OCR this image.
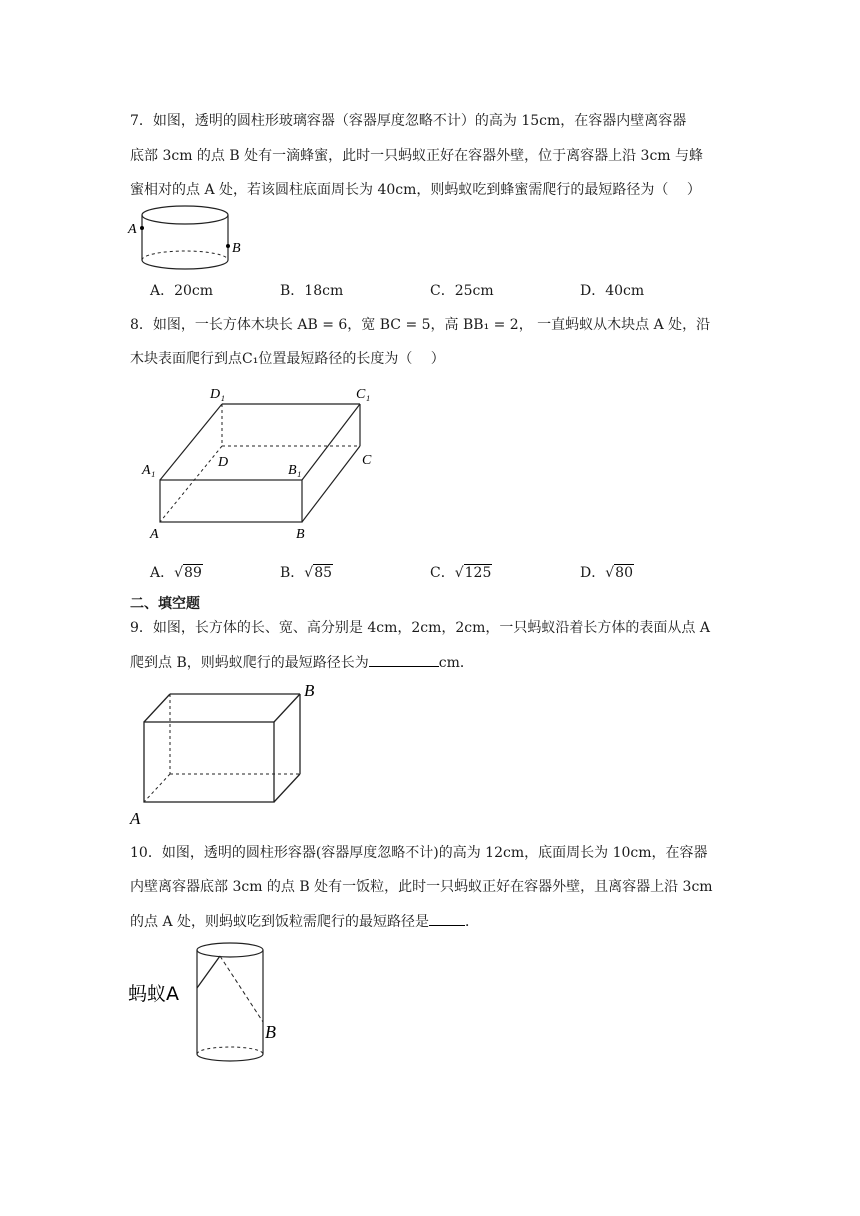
7．如图，透明的圆柱形玻璃容器（容器厚度忽略不计）的高为 15cm，在容器内壁离容器
底部 3cm 的点 B 处有一滴蜂蜜，此时一只蚂蚁正好在容器外壁，位于离容器上沿 3cm 与蜂
蜜相对的点 A 处，若该圆柱底面周长为 40cm，则蚂蚁吃到蜂蜜需爬行的最短路径为（　 ）
A
B
A．20cm	B．18cm	C．25cm	D．40cm
8．如图，一长方体木块长 AB = 6，宽 BC = 5，高 BB₁ = 2， 一直蚂蚁从木块点 A 处，沿
木块表面爬行到点C₁位置最短路径的长度为（　 ）
D₁	C₁
D	C
A₁	B₁
A	B
A．√89	B．√85	C．√125	D．√80
二、填空题
9．如图，长方体的长、宽、高分别是 4cm，2cm，2cm，一只蚂蚁沿着长方体的表面从点 A
爬到点 B，则蚂蚁爬行的最短路径长为	cm．
B
A
10．如图，透明的圆柱形容器(容器厚度忽略不计)的高为 12cm，底面周长为 10cm，在容器
内壁离容器底部 3cm 的点 B 处有一饭粒，此时一只蚂蚁正好在容器外壁，且离容器上沿 3cm
的点 A 处，则蚂蚁吃到饭粒需爬行的最短路径是	．
蚂蚁A
B
